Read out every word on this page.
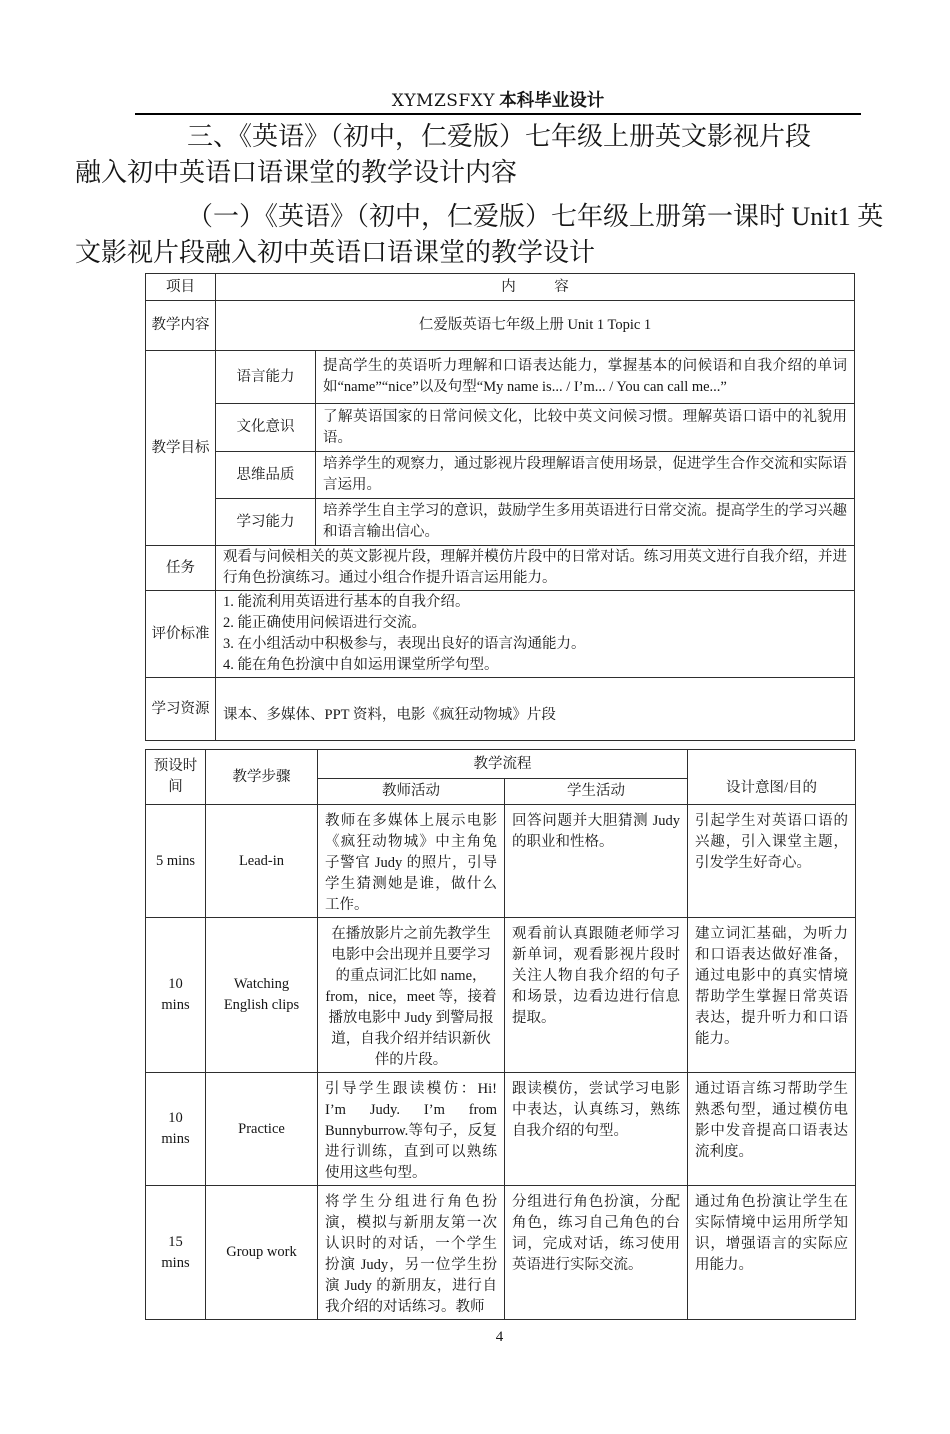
XYMZSFXY 本科毕业设计
三、《英语》（初中，仁爱版）七年级上册英文影视片段
融入初中英语口语课堂的教学设计内容
（一）《英语》（初中，仁爱版）七年级上册第一课时 Unit1 英
文影视片段融入初中英语口语课堂的教学设计
项目	内 容	
教学内容	仁爱版英语七年级上册 Unit 1 Topic 1	
教学目标	语言能力	提高学生的英语听力理解和口语表达能力，掌握基本的问候语和自我介绍的单词如“name”“nice”以及句型“My name is... / I’m... / You can call me...”
	文化意识	了解英语国家的日常问候文化，比较中英文问候习惯。理解英语口语中的礼貌用语。
	思维品质	培养学生的观察力，通过影视片段理解语言使用场景，促进学生合作交流和实际语言运用。
	学习能力	培养学生自主学习的意识，鼓励学生多用英语进行日常交流。提高学生的学习兴趣和语言输出信心。
任务	观看与问候相关的英文影视片段，理解并模仿片段中的日常对话。练习用英文进行自我介绍，并进行角色扮演练习。通过小组合作提升语言运用能力。	
评价标准	1. 能流利用英语进行基本的自我介绍。
2. 能正确使用问候语进行交流。
3. 在小组活动中积极参与，表现出良好的语言沟通能力。
4. 能在角色扮演中自如运用课堂所学句型。	

学习资源	课本、多媒体、PPT 资料，电影《疯狂动物城》片段	
预设时间	教学步骤	教学流程		设计意图/目的
		教师活动	学生活动	
5 mins	Lead-in	教师在多媒体上展示电影《疯狂动物城》中主角兔子警官 Judy 的照片，引导学生猜测她是谁，做什么工作。	回答问题并大胆猜测 Judy 的职业和性格。	引起学生对英语口语的兴趣，引入课堂主题，引发学生好奇心。
10 mins	Watching English clips	在播放影片之前先教学生电影中会出现并且要学习的重点词汇比如 name，from，nice，meet 等，接着播放电影中 Judy 到警局报道，自我介绍并结识新伙伴的片段。	观看前认真跟随老师学习新单词，观看影视片段时关注人物自我介绍的句子和场景，边看边进行信息提取。	建立词汇基础，为听力和口语表达做好准备，通过电影中的真实情境帮助学生掌握日常英语表达，提升听力和口语能力。
10 mins	Practice	引导学生跟读模仿：Hi! I’m Judy. I’m from Bunnyburrow.等句子，反复进行训练，直到可以熟练使用这些句型。	跟读模仿，尝试学习电影中表达，认真练习，熟练自我介绍的句型。	通过语言练习帮助学生熟悉句型，通过模仿电影中发音提高口语表达流利度。
15 mins	Group work	将学生分组进行角色扮演，模拟与新朋友第一次认识时的对话，一个学生扮演 Judy，另一位学生扮演 Judy 的新朋友，进行自我介绍的对话练习。教师	分组进行角色扮演，分配角色，练习自己角色的台词，完成对话，练习使用英语进行实际交流。	通过角色扮演让学生在实际情境中运用所学知识，增强语言的实际应用能力。
4
